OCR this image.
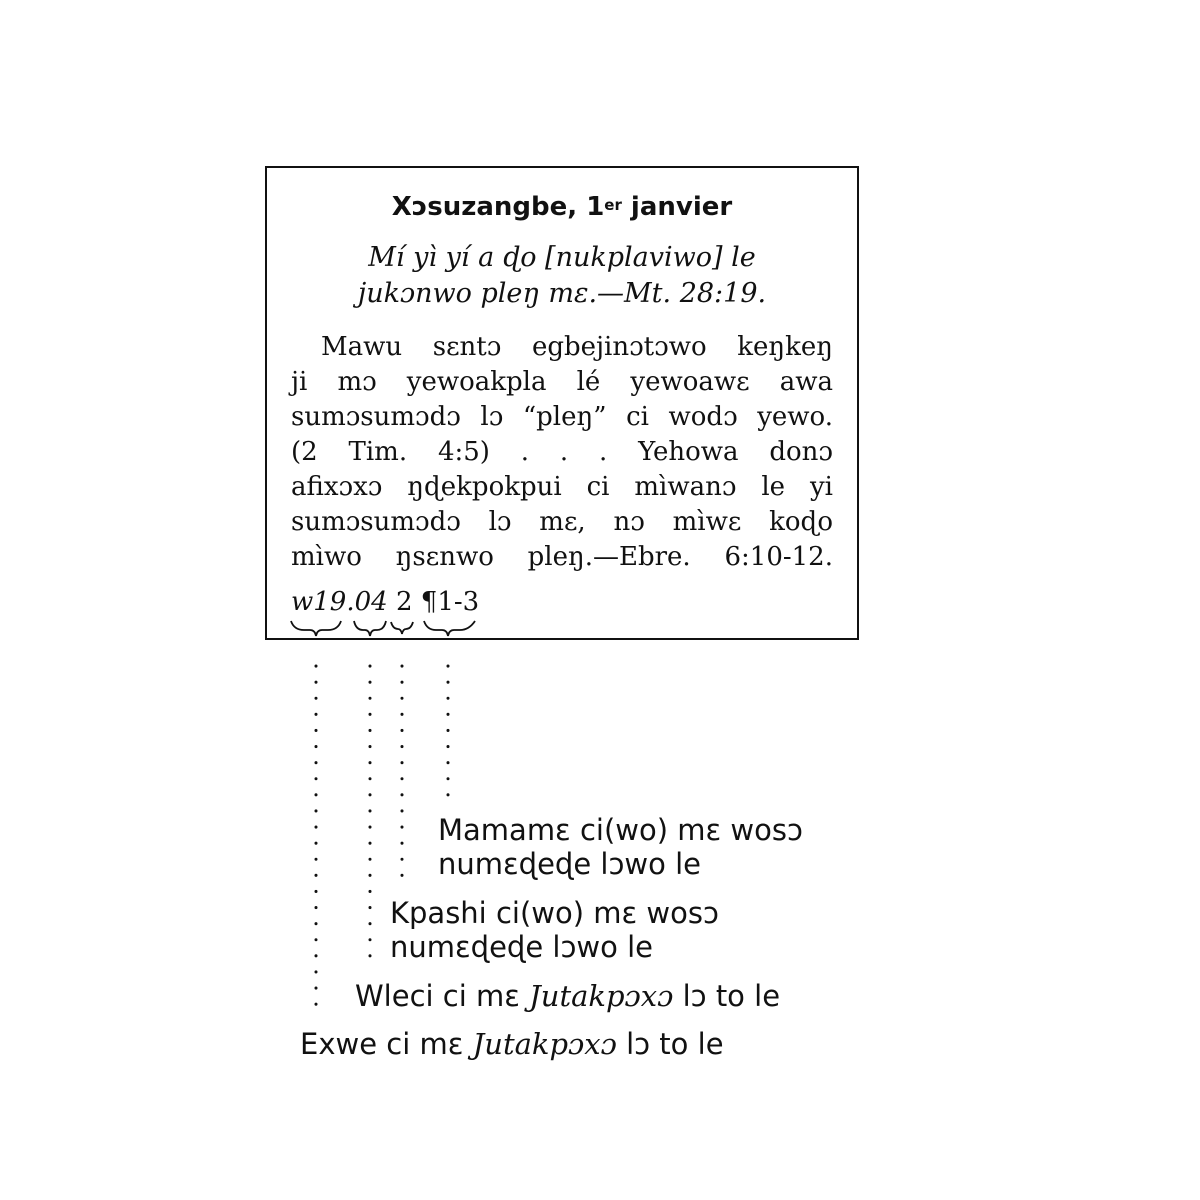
Xɔsuzangbe, 1er janvier
Mí yì yí a ɖo [nukplaviwo] le
jukɔnwo pleŋ mɛ.—Mt. 28:19.
Mawu sɛntɔ egbejinɔtɔwo keŋkeŋ
ji mɔ yewoakpla lé yewoawɛ awa
sumɔsumɔdɔ lɔ “pleŋ” ci wodɔ yewo.
(2 Tim. 4:5) . . . Yehowa donɔ
afixɔxɔ ŋɖekpokpui ci mìwanɔ le yi
sumɔsumɔdɔ lɔ mɛ, nɔ mìwɛ koɖo
mìwo ŋsɛnwo pleŋ.—Ebre. 6:10-12.
w19.04 2 ¶1-3
Mamamɛ ci(wo) mɛ wosɔ
numɛɖeɖe lɔwo le
Kpashi ci(wo) mɛ wosɔ
numɛɖeɖe lɔwo le
Wleci ci mɛ Jutakpɔxɔ lɔ to le
Exwe ci mɛ Jutakpɔxɔ lɔ to le
